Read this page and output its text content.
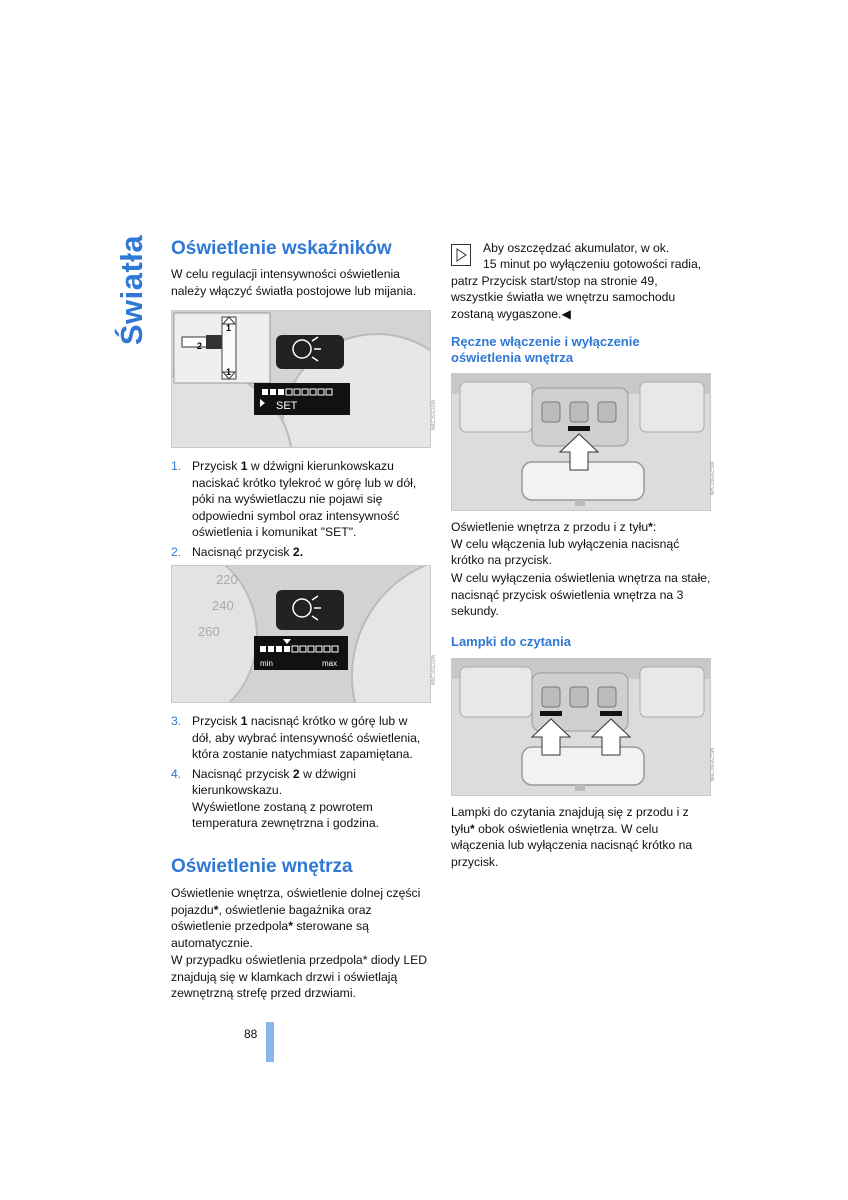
Światła Oświetlenie wskaźników

W celu regulacji intensywności oświetlenia należy włączyć światła postojowe lub mijania.

2
1
1
SET	W2C5SC26N
1. Przycisk 1 w dźwigni kierunkowskazu naciskać krótko tylekroć w górę lub w dół, póki na wyświetlaczu nie pojawi się odpowiedni symbol oraz intensywność oświetlenia i komunikat "SET".
2. Nacisnąć przycisk 2.
220
240
260
min	max	W2C5SC26N
3. Przycisk 1 nacisnąć krótko w górę lub w dół, aby wybrać intensywność oświetlenia, która zostanie natychmiast zapamiętana.
4. Nacisnąć przycisk 2 w dźwigni kierunkowskazu.
Wyświetlone zostaną z powrotem temperatura zewnętrzna i godzina.
Oświetlenie wnętrza

Oświetlenie wnętrza, oświetlenie dolnej części pojazdu*, oświetlenie bagażnika oraz oświetlenie przedpola* sterowane są automatycznie.

W przypadku oświetlenia przedpola* diody LED znajdują się w klamkach drzwi i oświetlają zewnętrzną strefę przed drzwiami.

Aby oszczędzać akumulator, w ok.

15 minut po wyłączeniu gotowości radia, patrz Przycisk start/stop na stronie 49, wszystkie światła we wnętrzu samochodu zostaną wygaszone.◀

Ręczne włączenie i wyłączenie oświetlenia wnętrza
MG2YH0C34N

Oświetlenie wnętrza z przodu i z tyłu*:
W celu włączenia lub wyłączenia nacisnąć krótko na przycisk.

W celu wyłączenia oświetlenia wnętrza na stałe, nacisnąć przycisk oświetlenia wnętrza na 3 sekundy.

Lampki do czytania
MG2YH0C35N

Lampki do czytania znajdują się z przodu i z tyłu* obok oświetlenia wnętrza. W celu włączenia lub wyłączenia nacisnąć krótko na przycisk.

88
